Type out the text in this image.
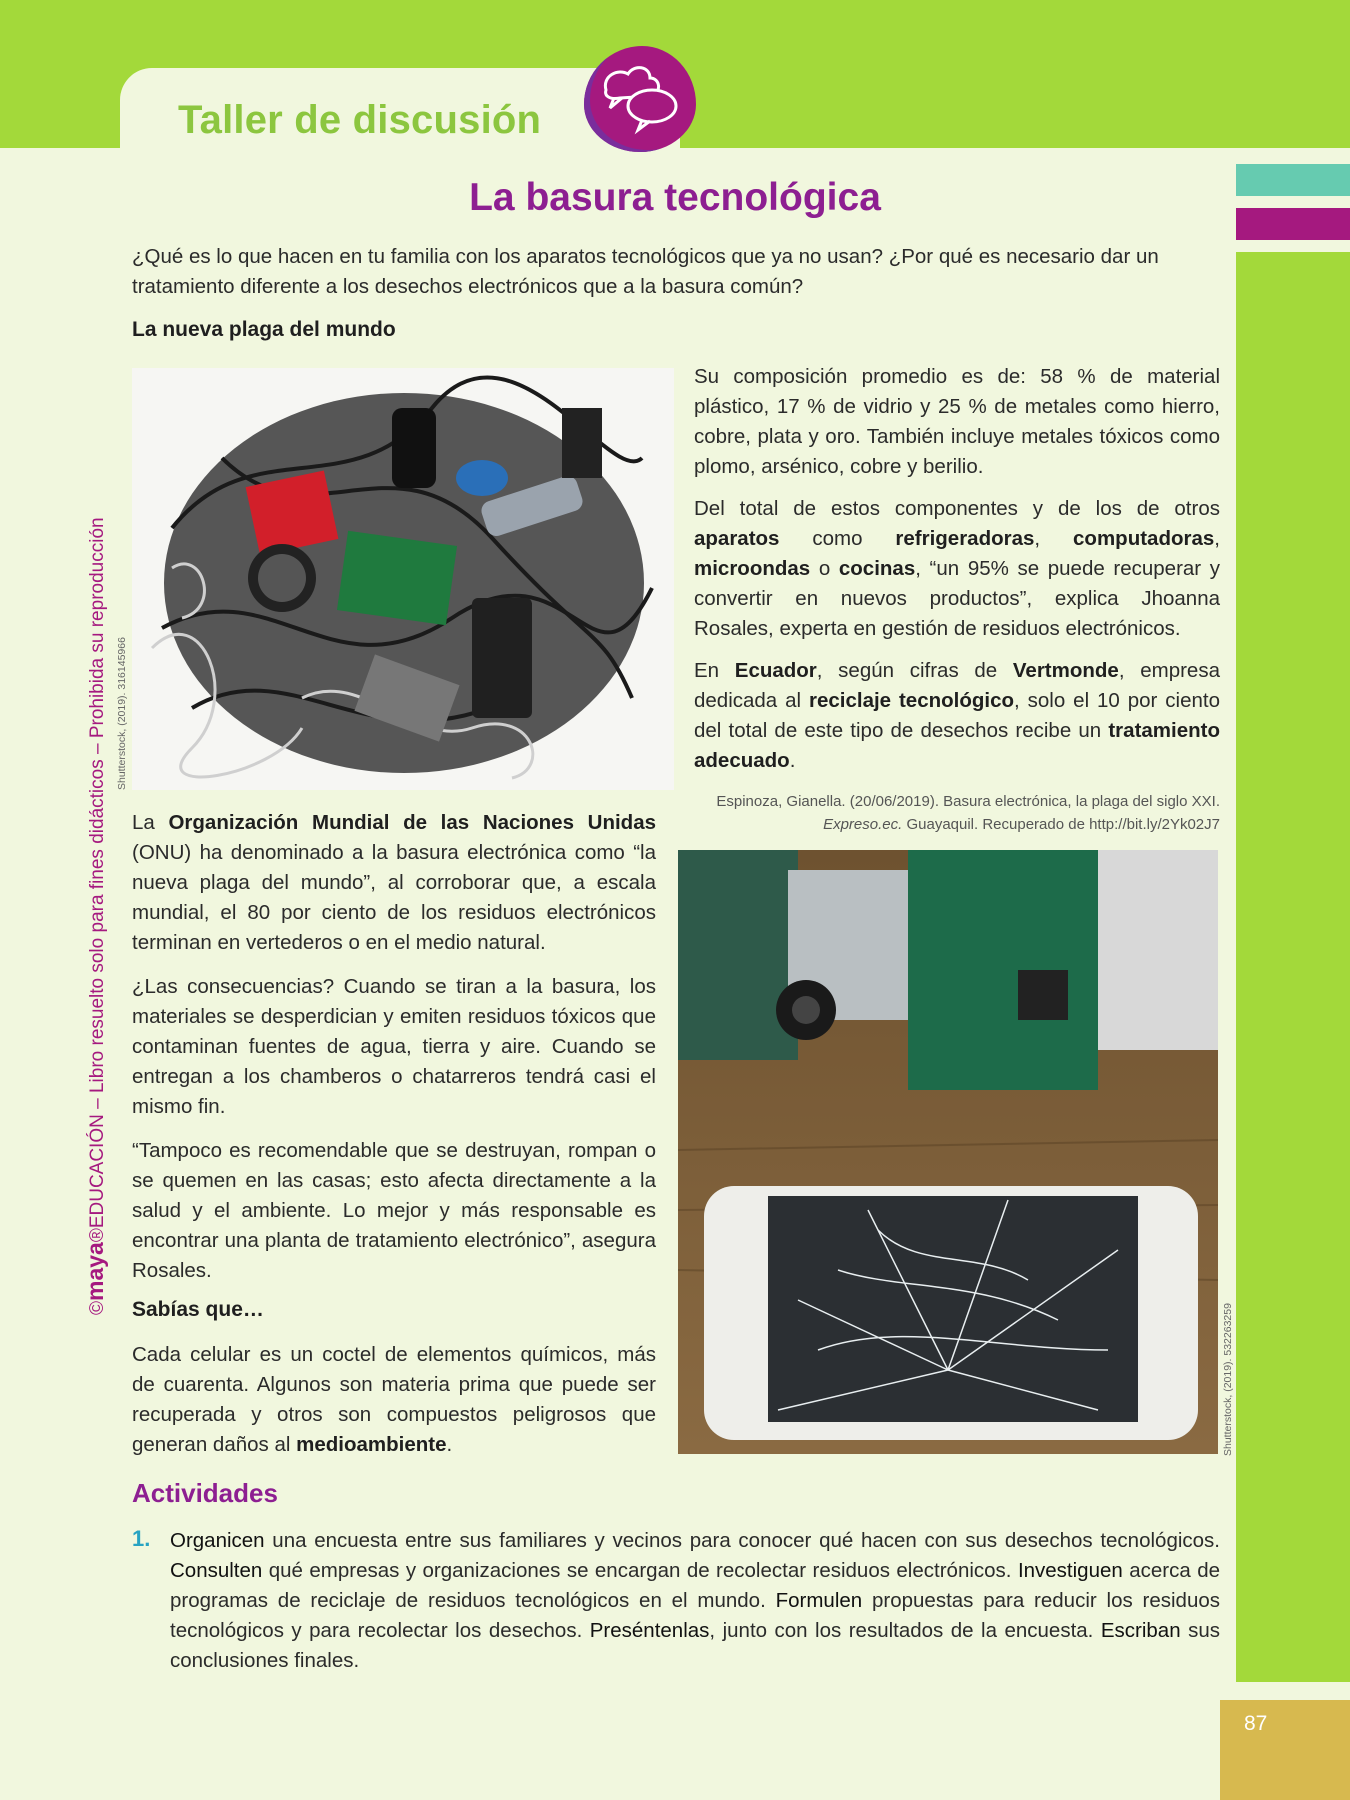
Taller de discusión
87
©maya®EDUCACIÓN – Libro resuelto solo para fines didácticos – Prohibida su reproducción Shutterstock, (2019). 316145966
Shutterstock, (2019). 532263259
La basura tecnológica

¿Qué es lo que hacen en tu familia con los aparatos tecnológicos que ya no usan? ¿Por qué es necesario dar un tratamiento diferente a los desechos electrónicos que a la basura común?

La nueva plaga del mundo

La Organización Mundial de las Naciones Unidas (ONU) ha denominado a la basura electrónica como “la nueva plaga del mundo”, al corroborar que, a escala mundial, el 80 por ciento de los residuos electrónicos terminan en vertederos o en el medio natural.

¿Las consecuencias? Cuando se tiran a la basura, los materiales se desperdician y emiten residuos tóxicos que contaminan fuentes de agua, tierra y aire. Cuando se entregan a los chamberos o chatarreros tendrá casi el mismo fin.

“Tampoco es recomendable que se destruyan, rompan o se quemen en las casas; esto afecta directamente a la salud y el ambiente. Lo mejor y más responsable es encontrar una planta de tratamiento electrónico”, asegura Rosales.

Sabías que…

Cada celular es un coctel de elementos químicos, más de cuarenta. Algunos son materia prima que puede ser recuperada y otros son compuestos peligrosos que generan daños al medioambiente.

Su composición promedio es de: 58 % de material plástico, 17 % de vidrio y 25 % de metales como hierro, cobre, plata y oro. También incluye metales tóxicos como plomo, arsénico, cobre y berilio.

Del total de estos componentes y de los de otros aparatos como refrigeradoras, computadoras, microondas o cocinas, “un 95% se puede recuperar y convertir en nuevos productos”, explica Jhoanna Rosales, experta en gestión de residuos electrónicos.

En Ecuador, según cifras de Vertmonde, empresa dedicada al reciclaje tecnológico, solo el 10 por ciento del total de este tipo de desechos recibe un tratamiento adecuado.

Espinoza, Gianella. (20/06/2019). Basura electrónica, la plaga del siglo XXI.
Expreso.ec. Guayaquil. Recuperado de http://bit.ly/2Yk02J7
Actividades
1. Organicen una encuesta entre sus familiares y vecinos para conocer qué hacen con sus desechos tecnológicos. Consulten qué empresas y organizaciones se encargan de recolectar residuos electrónicos. Investiguen acerca de programas de reciclaje de residuos tecnológicos en el mundo. Formulen propuestas para reducir los residuos tecnológicos y para recolectar los desechos. Preséntenlas, junto con los resultados de la encuesta. Escriban sus conclusiones finales.
